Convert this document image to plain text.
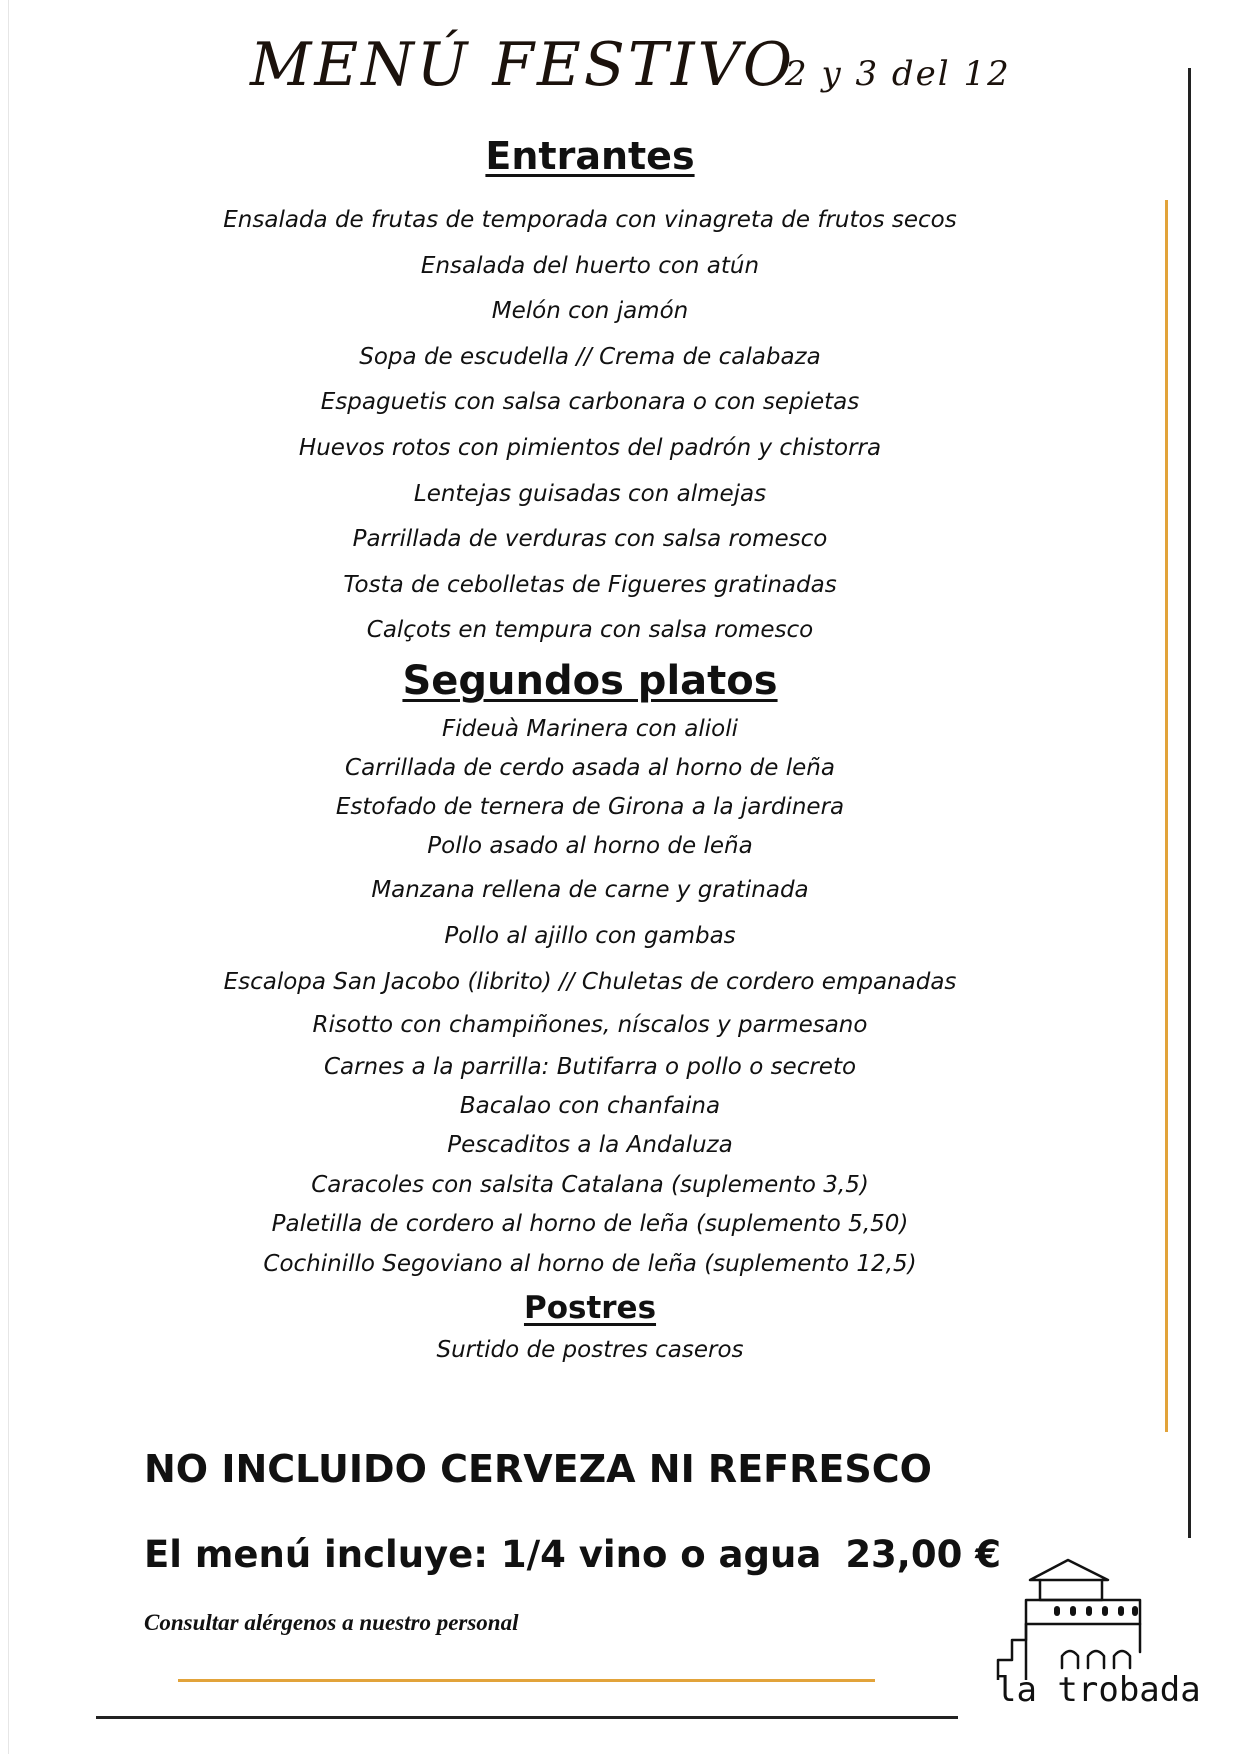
MENÚ FESTIVO
2 y 3 del 12
Entrantes
Ensalada de frutas de temporada con vinagreta de frutos secos
Ensalada del huerto con atún
Melón con jamón
Sopa de escudella // Crema de calabaza
Espaguetis con salsa carbonara o con sepietas
Huevos rotos con pimientos del padrón y chistorra
Lentejas guisadas con almejas
Parrillada de verduras con salsa romesco
Tosta de cebolletas de Figueres gratinadas
Calçots en tempura con salsa romesco
Segundos platos
Fideuà Marinera con alioli
Carrillada de cerdo asada al horno de leña
Estofado de ternera de Girona a la jardinera
Pollo asado al horno de leña
Manzana rellena de carne y gratinada
Pollo al ajillo con gambas
Escalopa San Jacobo (librito) // Chuletas de cordero empanadas
Risotto con champiñones, níscalos y parmesano
Carnes a la parrilla: Butifarra o pollo o secreto
Bacalao con chanfaina
Pescaditos a la Andaluza
Caracoles con salsita Catalana (suplemento 3,5)
Paletilla de cordero al horno de leña (suplemento 5,50)
Cochinillo Segoviano al horno de leña (suplemento 12,5)
Postres
Surtido de postres caseros
NO INCLUIDO CERVEZA NI REFRESCO
El menú incluye: 1/4 vino o agua 23,00 €
Consultar alérgenos a nuestro personal
la trobada
